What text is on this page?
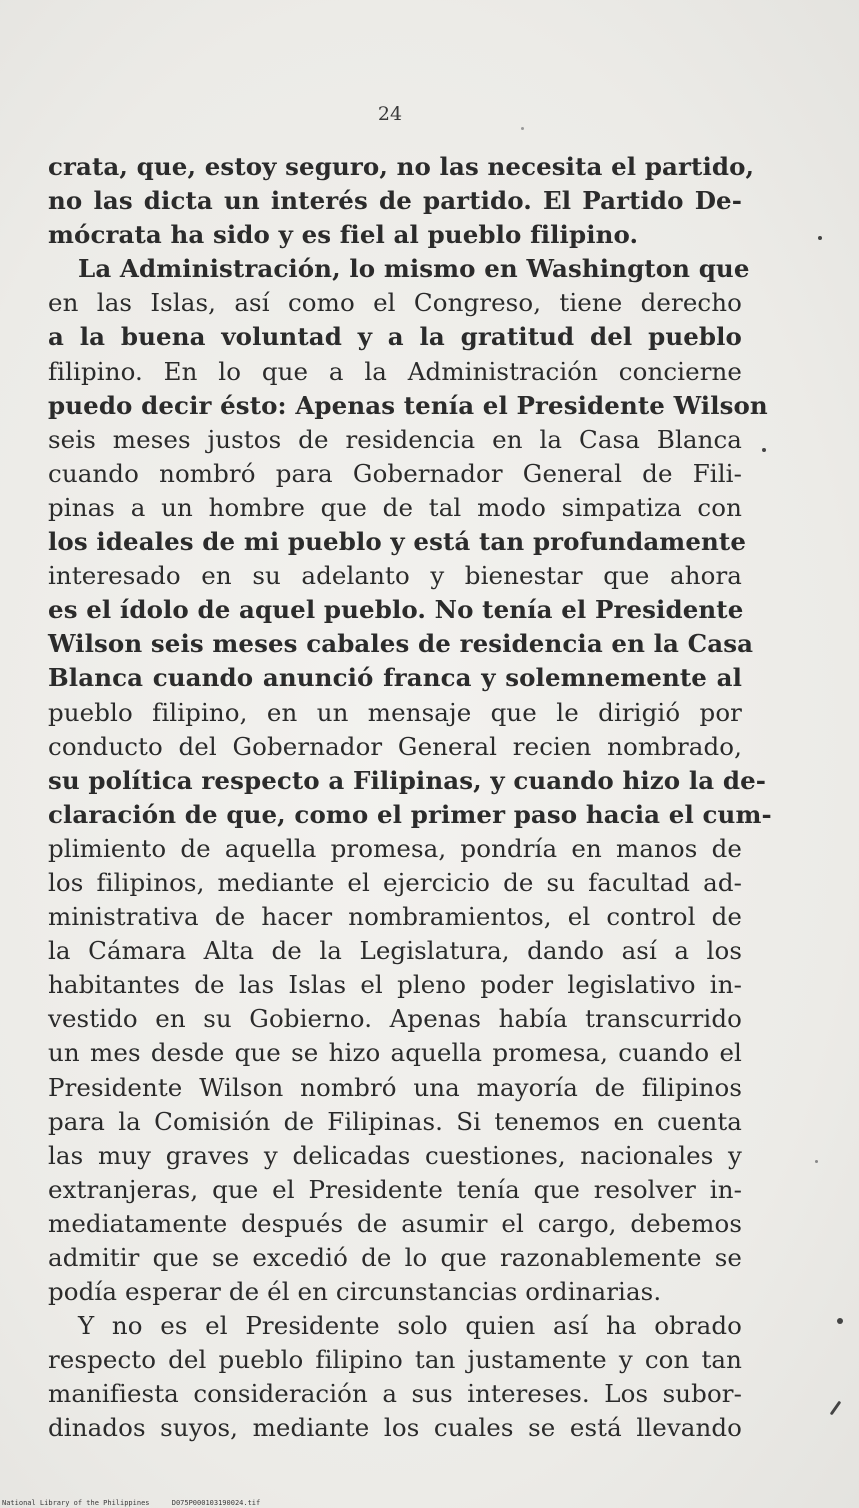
24
crata, que, estoy seguro, no las necesita el partido,
no las dicta un interés de partido. El Partido De-
mócrata ha sido y es fiel al pueblo filipino.
La Administración, lo mismo en Washington que
en las Islas, así como el Congreso, tiene derecho
a la buena voluntad y a la gratitud del pueblo
filipino. En lo que a la Administración concierne
puedo decir ésto: Apenas tenía el Presidente Wilson
seis meses justos de residencia en la Casa Blanca
cuando nombró para Gobernador General de Fili-
pinas a un hombre que de tal modo simpatiza con
los ideales de mi pueblo y está tan profundamente
interesado en su adelanto y bienestar que ahora
es el ídolo de aquel pueblo. No tenía el Presidente
Wilson seis meses cabales de residencia en la Casa
Blanca cuando anunció franca y solemnemente al
pueblo filipino, en un mensaje que le dirigió por
conducto del Gobernador General recien nombrado,
su política respecto a Filipinas, y cuando hizo la de-
claración de que, como el primer paso hacia el cum-
plimiento de aquella promesa, pondría en manos de
los filipinos, mediante el ejercicio de su facultad ad-
ministrativa de hacer nombramientos, el control de
la Cámara Alta de la Legislatura, dando así a los
habitantes de las Islas el pleno poder legislativo in-
vestido en su Gobierno. Apenas había transcurrido
un mes desde que se hizo aquella promesa, cuando el
Presidente Wilson nombró una mayoría de filipinos
para la Comisión de Filipinas. Si tenemos en cuenta
las muy graves y delicadas cuestiones, nacionales y
extranjeras, que el Presidente tenía que resolver in-
mediatamente después de asumir el cargo, debemos
admitir que se excedió de lo que razonablemente se
podía esperar de él en circunstancias ordinarias.
Y no es el Presidente solo quien así ha obrado
respecto del pueblo filipino tan justamente y con tan
manifiesta consideración a sus intereses. Los subor-
dinados suyos, mediante los cuales se está llevando
National Library of the Philippines	D075P000103190024.tif
